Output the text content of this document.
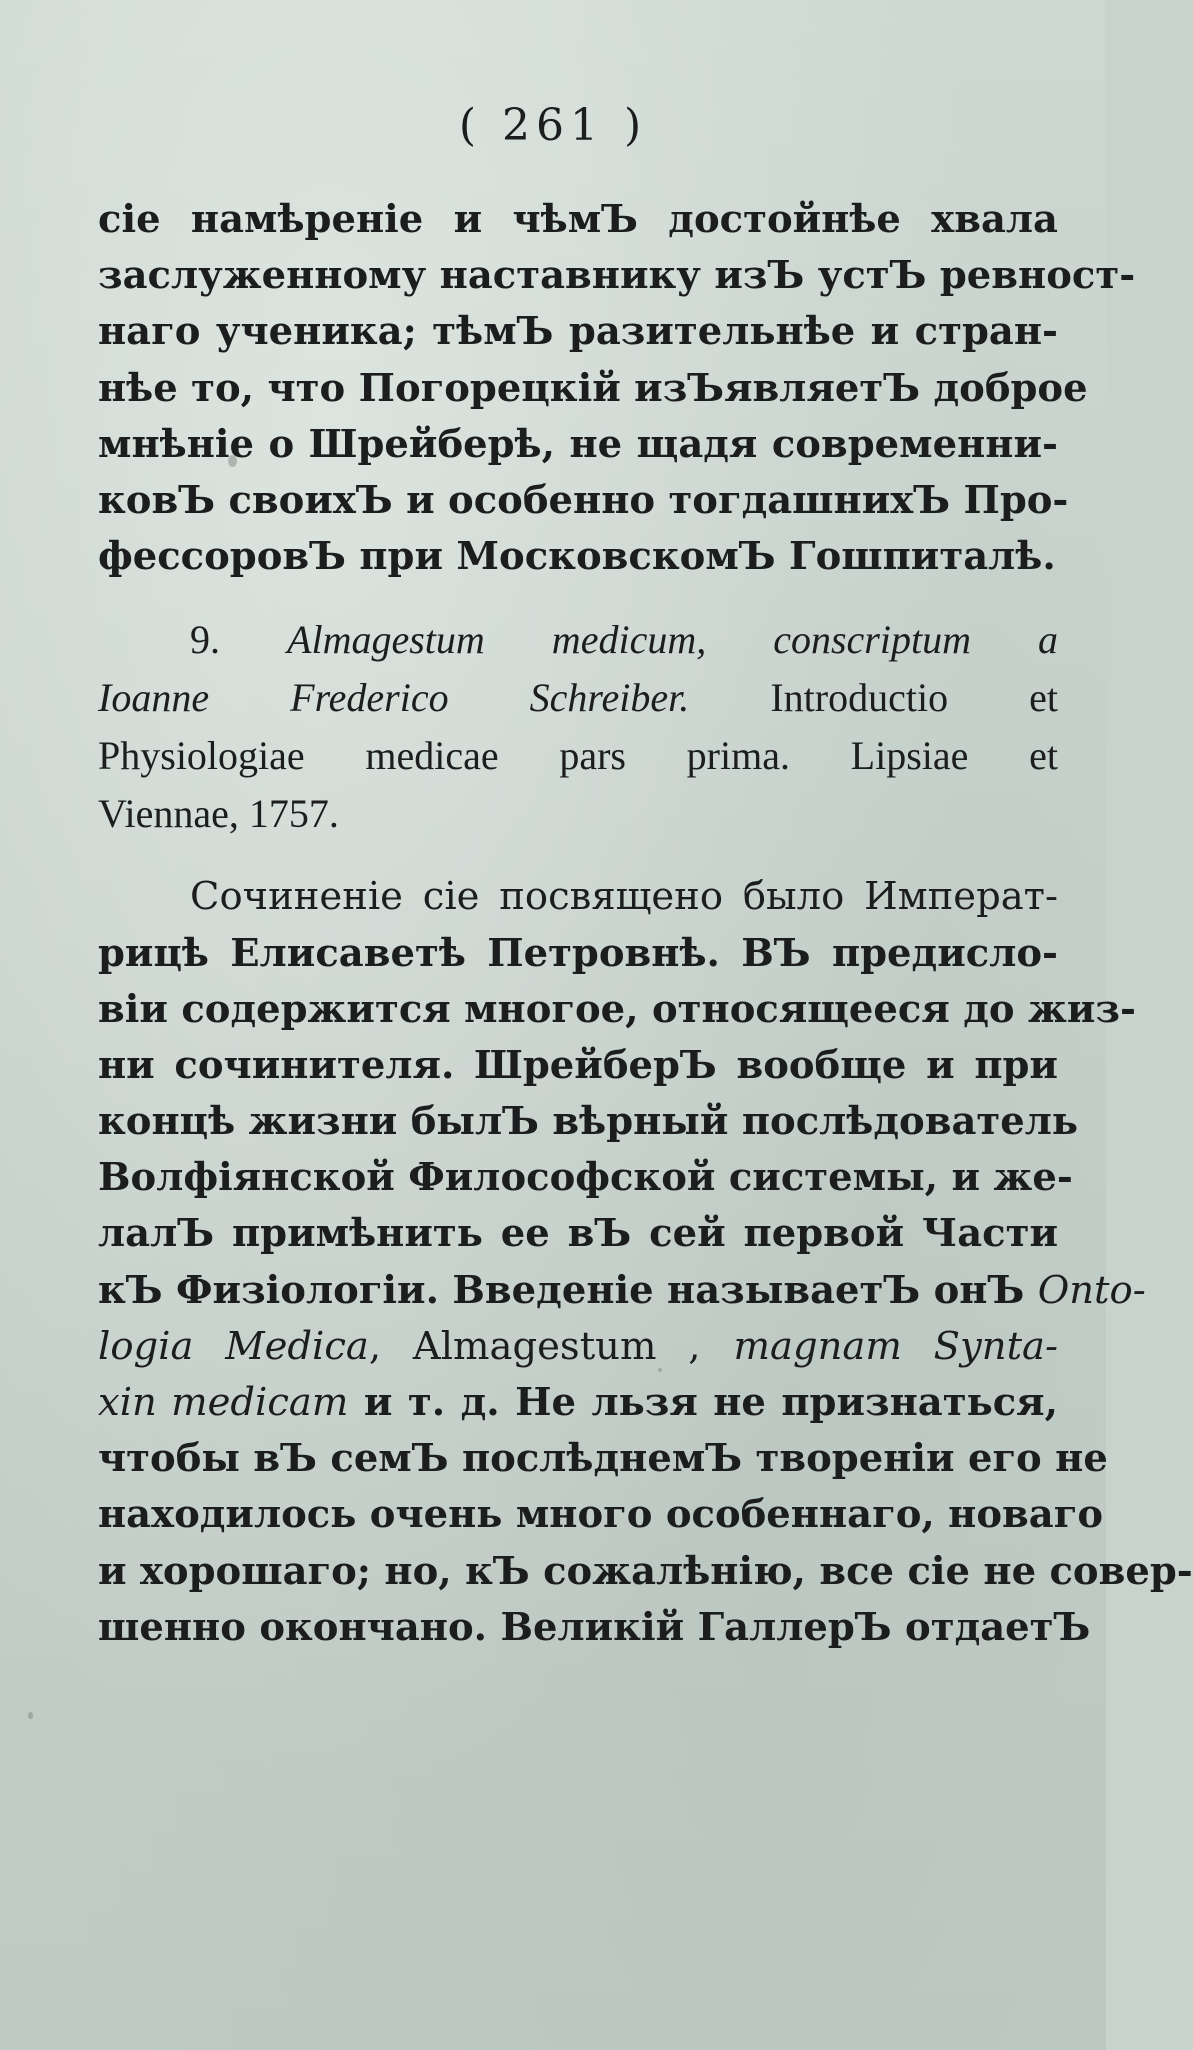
( 261 )
сіе намѣреніе и чѣмЪ достойнѣе хвала
заслуженному наставнику изЪ устЪ ревност-
наго ученика; тѣмЪ разительнѣе и стран-
нѣе то, что Погорецкій изЪявляетЪ доброе
мнѣніе о Шрейберѣ, не щадя современни-
ковЪ своихЪ и особенно тогдашнихЪ Про-
фессоровЪ при МосковскомЪ Гошпиталѣ.
9. Almagestum medicum, conscriptum a
Ioanne Frederico Schreiber. Introductio et
Physiologiae medicae pars prima. Lipsiae et
Viennae, 1757.
Сочиненіе сіе посвящено было Императ-
рицѣ Елисаветѣ Петровнѣ. ВЪ предисло-
віи содержится многое, относящееся до жиз-
ни сочинителя. ШрейберЪ вообще и при
концѣ жизни былЪ вѣрный послѣдователь
Волфіянской Философской системы, и же-
лалЪ примѣнить ее вЪ сей первой Части
кЪ Физіологіи. Введеніе называетЪ онЪ Onto-
logia Medica, Almagestum , magnam Synta-
xin medicam и т. д. Не льзя не признаться,
чтобы вЪ семЪ послѣднемЪ твореніи его не
находилось очень много особеннаго, новаго
и хорошаго; но, кЪ сожалѣнію, все сіе не совер-
шенно окончано. Великій ГаллерЪ отдаетЪ
